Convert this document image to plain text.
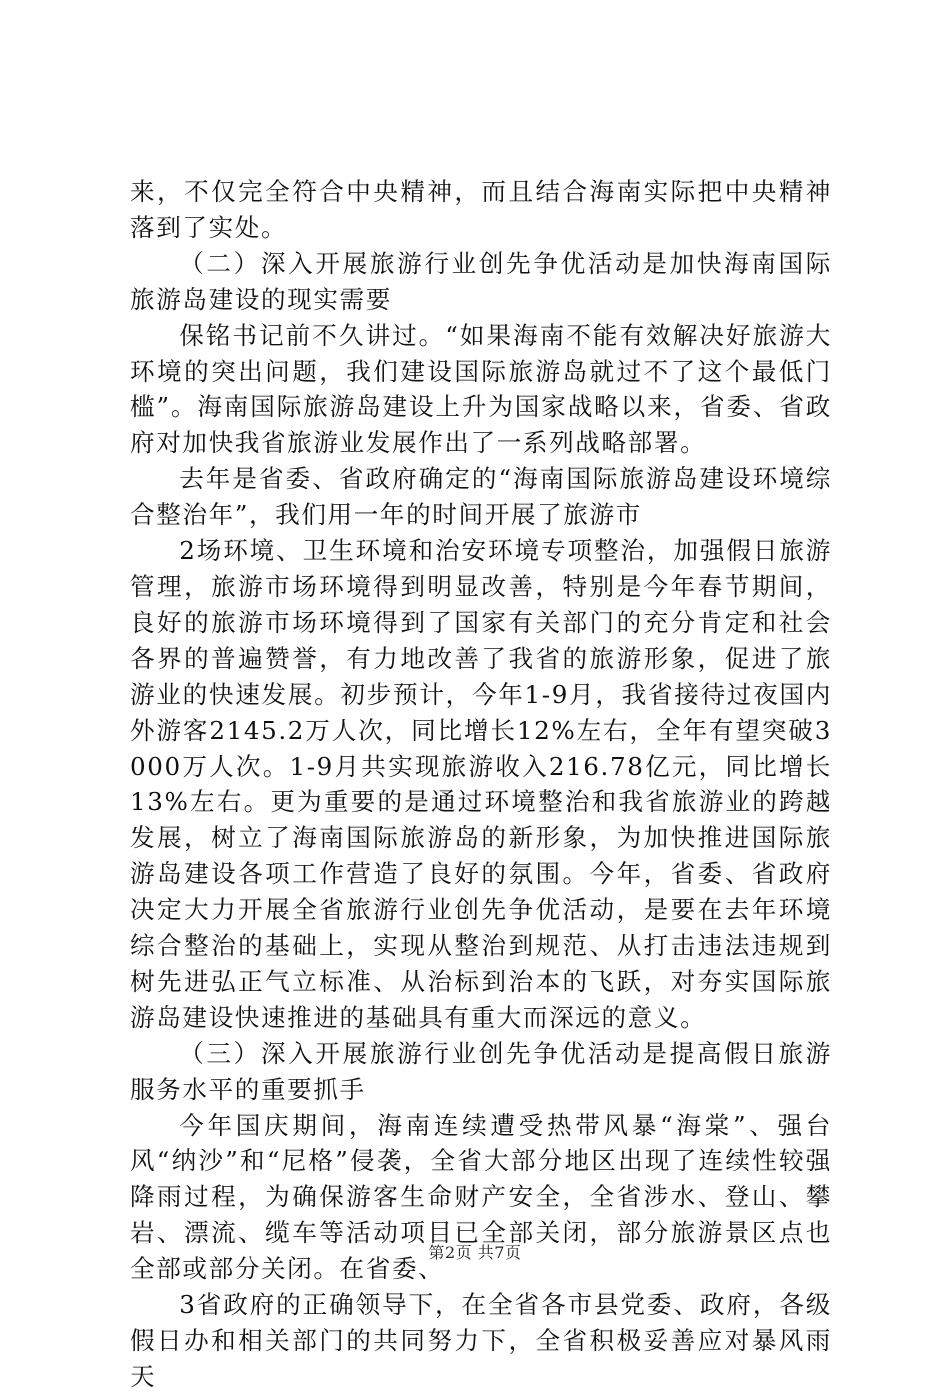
来，不仅完全符合中央精神，而且结合海南实际把中央精神落到了实处。

（二）深入开展旅游行业创先争优活动是加快海南国际旅游岛建设的现实需要

保铭书记前不久讲过。“如果海南不能有效解决好旅游大环境的突出问题，我们建设国际旅游岛就过不了这个最低门槛”。海南国际旅游岛建设上升为国家战略以来，省委、省政府对加快我省旅游业发展作出了一系列战略部署。

去年是省委、省政府确定的“海南国际旅游岛建设环境综合整治年”，我们用一年的时间开展了旅游市

2场环境、卫生环境和治安环境专项整治，加强假日旅游管理，旅游市场环境得到明显改善，特别是今年春节期间，良好的旅游市场环境得到了国家有关部门的充分肯定和社会各界的普遍赞誉，有力地改善了我省的旅游形象，促进了旅游业的快速发展。初步预计，今年1-9月，我省接待过夜国内外游客2145.2万人次，同比增长12%左右，全年有望突破3000万人次。1-9月共实现旅游收入216.78亿元，同比增长13%左右。更为重要的是通过环境整治和我省旅游业的跨越发展，树立了海南国际旅游岛的新形象，为加快推进国际旅游岛建设各项工作营造了良好的氛围。今年，省委、省政府决定大力开展全省旅游行业创先争优活动，是要在去年环境综合整治的基础上，实现从整治到规范、从打击违法违规到树先进弘正气立标准、从治标到治本的飞跃，对夯实国际旅游岛建设快速推进的基础具有重大而深远的意义。

（三）深入开展旅游行业创先争优活动是提高假日旅游服务水平的重要抓手

今年国庆期间，海南连续遭受热带风暴“海棠”、强台风“纳沙”和“尼格”侵袭，全省大部分地区出现了连续性较强降雨过程，为确保游客生命财产安全，全省涉水、登山、攀岩、漂流、缆车等活动项目已全部关闭，部分旅游景区点也全部或部分关闭。在省委、

3省政府的正确领导下，在全省各市县党委、政府，各级假日办和相关部门的共同努力下，全省积极妥善应对暴风雨天

第2页 共7页
